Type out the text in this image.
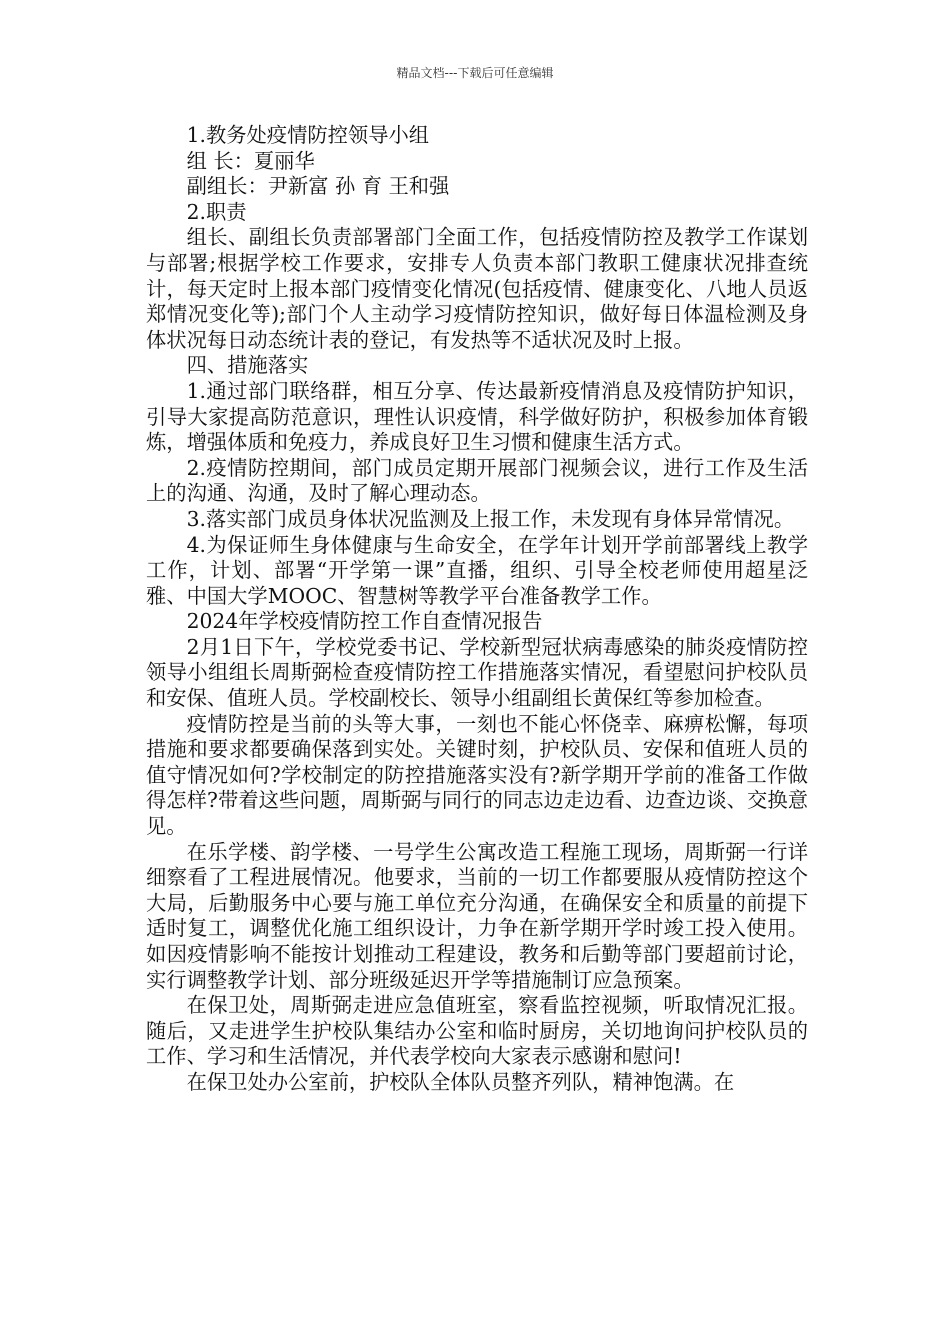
精品文档---下载后可任意编辑

1.教务处疫情防控领导小组

组 长：夏丽华

副组长：尹新富 孙 育 王和强

2.职责

组长、副组长负责部署部门全面工作，包括疫情防控及教学工作谋划与部署;根据学校工作要求，安排专人负责本部门教职工健康状况排查统计，每天定时上报本部门疫情变化情况(包括疫情、健康变化、八地人员返郑情况变化等);部门个人主动学习疫情防控知识，做好每日体温检测及身体状况每日动态统计表的登记，有发热等不适状况及时上报。

四、措施落实

1.通过部门联络群，相互分享、传达最新疫情消息及疫情防护知识，引导大家提高防范意识，理性认识疫情，科学做好防护，积极参加体育锻炼，增强体质和免疫力，养成良好卫生习惯和健康生活方式。

2.疫情防控期间，部门成员定期开展部门视频会议，进行工作及生活上的沟通、沟通，及时了解心理动态。

3.落实部门成员身体状况监测及上报工作，未发现有身体异常情况。

4.为保证师生身体健康与生命安全，在学年计划开学前部署线上教学工作，计划、部署“开学第一课”直播，组织、引导全校老师使用超星泛雅、中国大学MOOC、智慧树等教学平台准备教学工作。

2024年学校疫情防控工作自查情况报告

2月1日下午，学校党委书记、学校新型冠状病毒感染的肺炎疫情防控领导小组组长周斯弼检查疫情防控工作措施落实情况，看望慰问护校队员和安保、值班人员。学校副校长、领导小组副组长黄保红等参加检查。

疫情防控是当前的头等大事，一刻也不能心怀侥幸、麻痹松懈，每项措施和要求都要确保落到实处。关键时刻，护校队员、安保和值班人员的值守情况如何?学校制定的防控措施落实没有?新学期开学前的准备工作做得怎样?带着这些问题，周斯弼与同行的同志边走边看、边查边谈、交换意见。

在乐学楼、韵学楼、一号学生公寓改造工程施工现场，周斯弼一行详细察看了工程进展情况。他要求，当前的一切工作都要服从疫情防控这个大局，后勤服务中心要与施工单位充分沟通，在确保安全和质量的前提下适时复工，调整优化施工组织设计，力争在新学期开学时竣工投入使用。如因疫情影响不能按计划推动工程建设，教务和后勤等部门要超前讨论，实行调整教学计划、部分班级延迟开学等措施制订应急预案。

在保卫处，周斯弼走进应急值班室，察看监控视频，听取情况汇报。随后，又走进学生护校队集结办公室和临时厨房，关切地询问护校队员的工作、学习和生活情况，并代表学校向大家表示感谢和慰问!

在保卫处办公室前，护校队全体队员整齐列队，精神饱满。在
